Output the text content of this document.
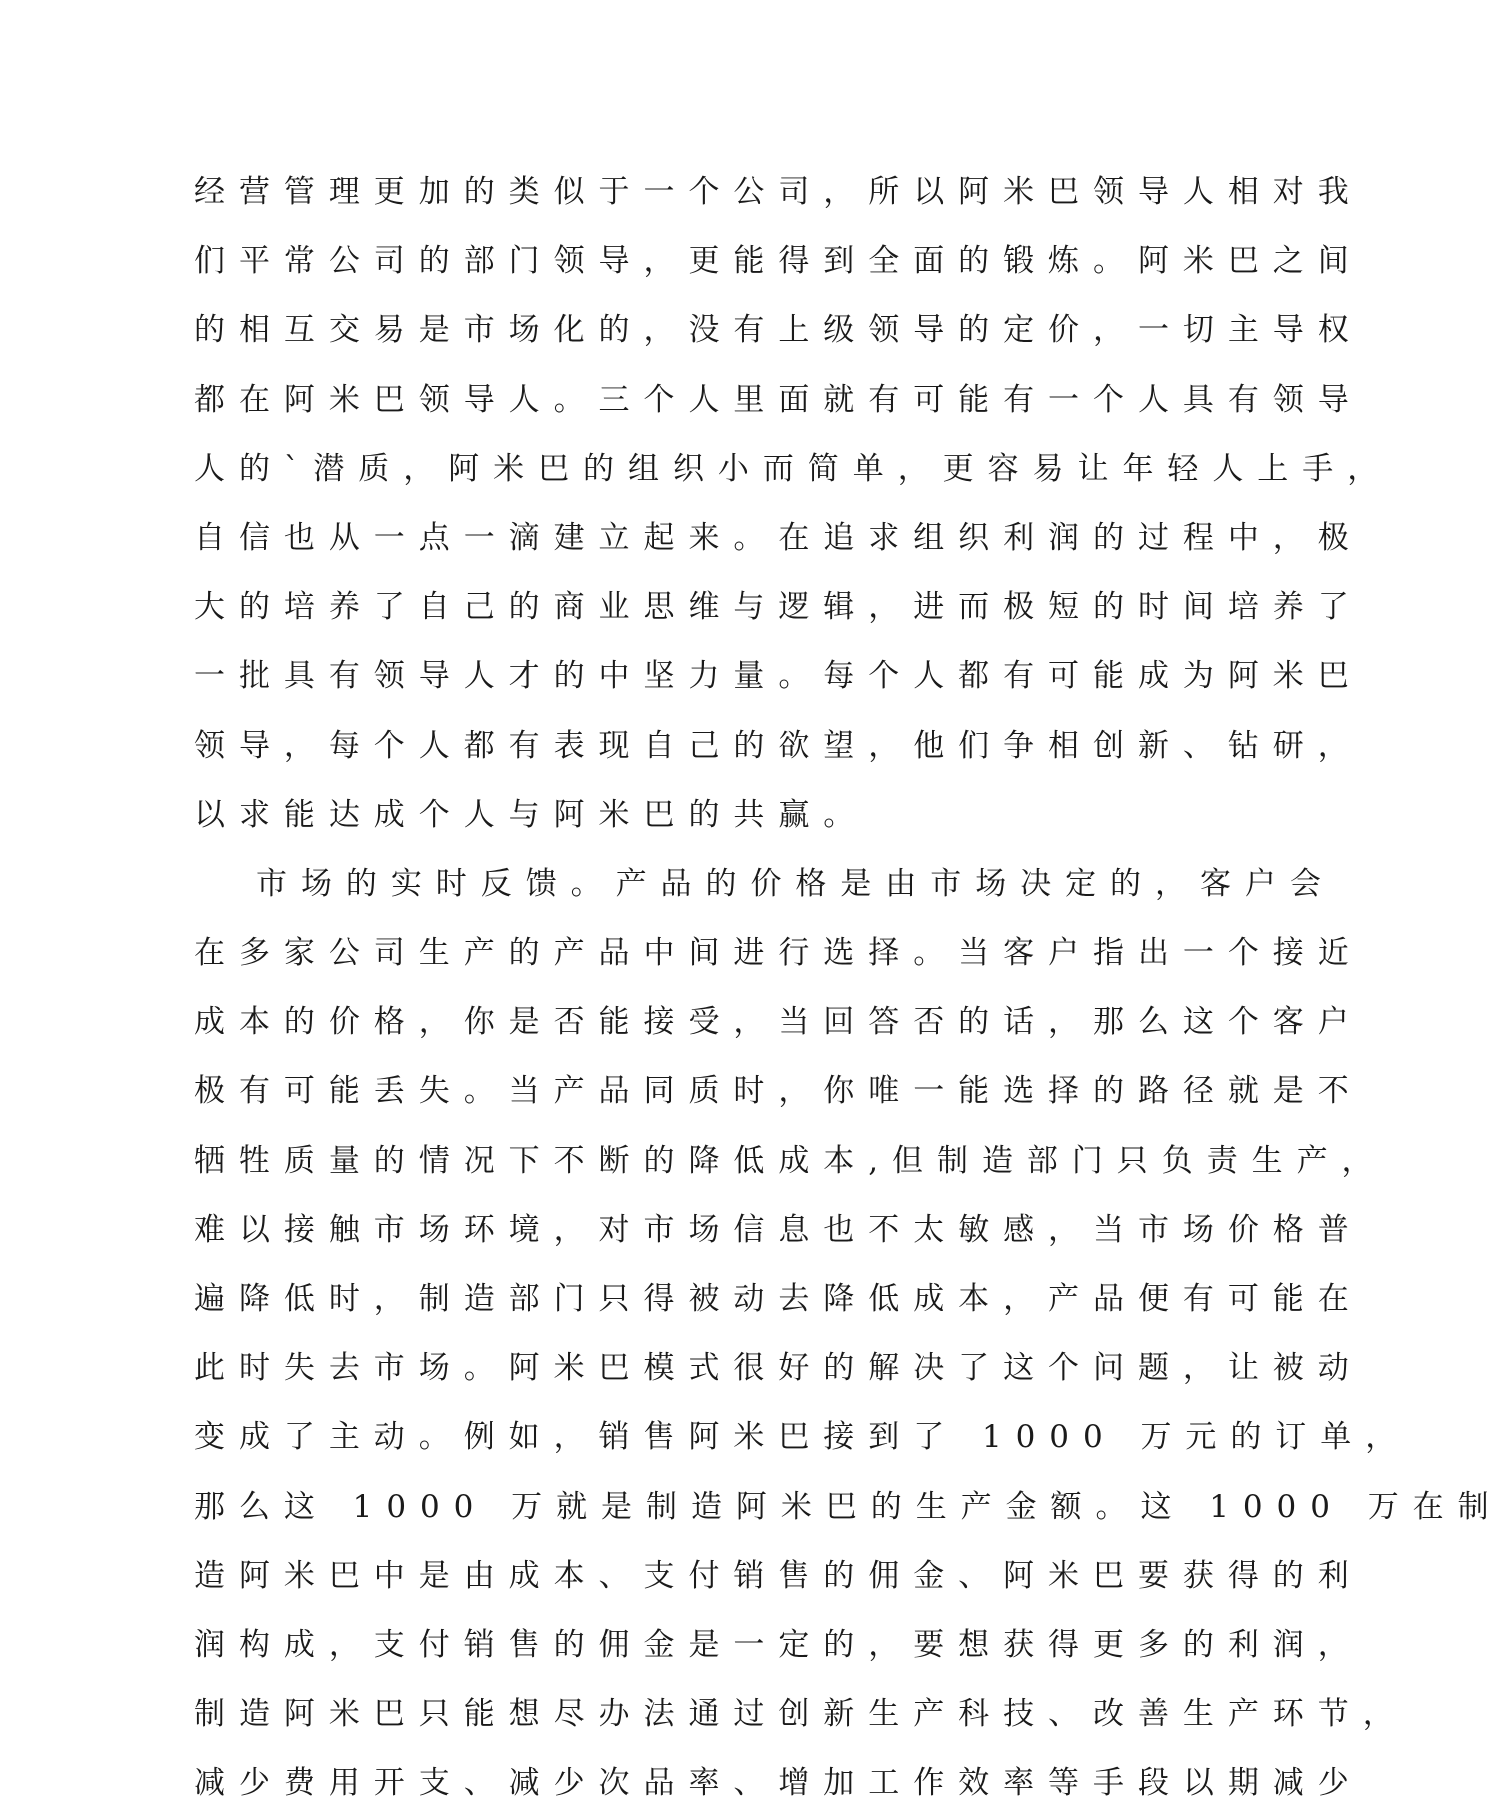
经营管理更加的类似于一个公司，所以阿米巴领导人相对我
们平常公司的部门领导，更能得到全面的锻炼。阿米巴之间
的相互交易是市场化的，没有上级领导的定价，一切主导权
都在阿米巴领导人。三个人里面就有可能有一个人具有领导
人的`潜质，阿米巴的组织小而简单，更容易让年轻人上手，
自信也从一点一滴建立起来。在追求组织利润的过程中，极
大的培养了自己的商业思维与逻辑，进而极短的时间培养了
一批具有领导人才的中坚力量。每个人都有可能成为阿米巴
领导，每个人都有表现自己的欲望，他们争相创新、钻研，
以求能达成个人与阿米巴的共赢。
市场的实时反馈。产品的价格是由市场决定的，客户会
在多家公司生产的产品中间进行选择。当客户指出一个接近
成本的价格，你是否能接受，当回答否的话，那么这个客户
极有可能丢失。当产品同质时，你唯一能选择的路径就是不
牺牲质量的情况下不断的降低成本,但制造部门只负责生产，
难以接触市场环境，对市场信息也不太敏感，当市场价格普
遍降低时，制造部门只得被动去降低成本，产品便有可能在
此时失去市场。阿米巴模式很好的解决了这个问题，让被动
变成了主动。例如，销售阿米巴接到了 1000 万元的订单，
那么这 1000 万就是制造阿米巴的生产金额。这 1000 万在制
造阿米巴中是由成本、支付销售的佣金、阿米巴要获得的利
润构成，支付销售的佣金是一定的，要想获得更多的利润，
制造阿米巴只能想尽办法通过创新生产科技、改善生产环节，
减少费用开支、减少次品率、增加工作效率等手段以期减少
